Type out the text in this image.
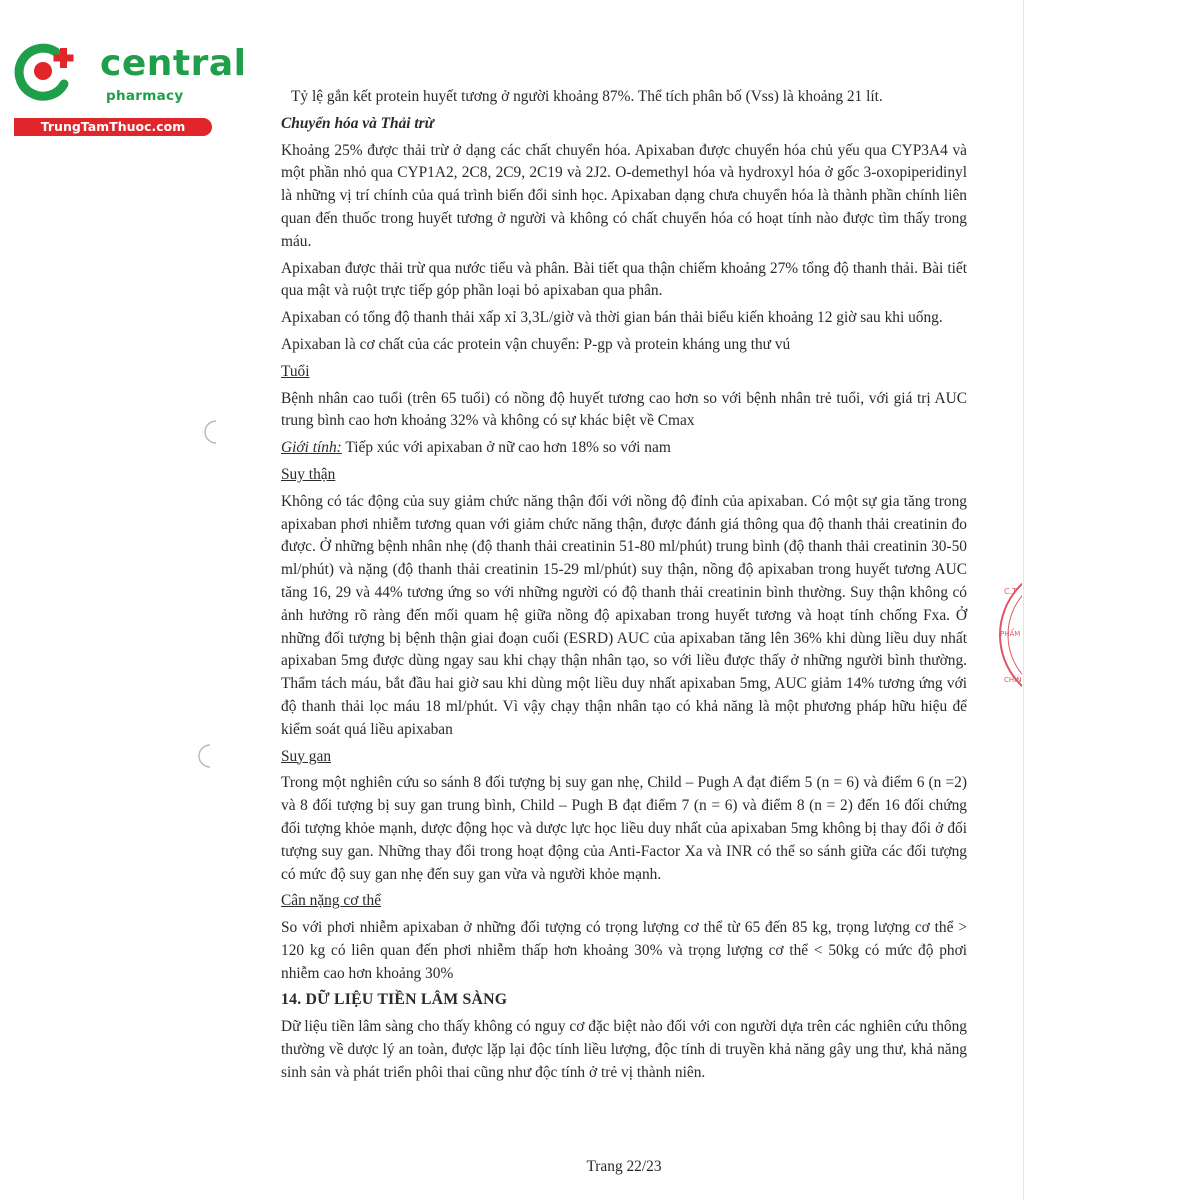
central
pharmacy
TrungTamThuoc.com

Tỷ lệ gắn kết protein huyết tương ở người khoảng 87%. Thể tích phân bố (Vss) là khoảng 21 lít.

Chuyển hóa và Thải trừ

Khoảng 25% được thải trừ ở dạng các chất chuyển hóa. Apixaban được chuyển hóa chủ yếu qua CYP3A4 và một phần nhỏ qua CYP1A2, 2C8, 2C9, 2C19 và 2J2. O-demethyl hóa và hydroxyl hóa ở gốc 3-oxopiperidinyl là những vị trí chính của quá trình biến đổi sinh học. Apixaban dạng chưa chuyển hóa là thành phần chính liên quan đến thuốc trong huyết tương ở người và không có chất chuyển hóa có hoạt tính nào được tìm thấy trong máu.

Apixaban được thải trừ qua nước tiểu và phân. Bài tiết qua thận chiếm khoảng 27% tổng độ thanh thải. Bài tiết qua mật và ruột trực tiếp góp phần loại bỏ apixaban qua phân.

Apixaban có tổng độ thanh thải xấp xỉ 3,3L/giờ và thời gian bán thải biểu kiến khoảng 12 giờ sau khi uống.

Apixaban là cơ chất của các protein vận chuyển: P-gp và protein kháng ung thư vú

Tuổi

Bệnh nhân cao tuổi (trên 65 tuổi) có nồng độ huyết tương cao hơn so với bệnh nhân trẻ tuổi, với giá trị AUC trung bình cao hơn khoảng 32% và không có sự khác biệt về Cmax

Giới tính: Tiếp xúc với apixaban ở nữ cao hơn 18% so với nam

Suy thận

Không có tác động của suy giảm chức năng thận đối với nồng độ đỉnh của apixaban. Có một sự gia tăng trong apixaban phơi nhiễm tương quan với giảm chức năng thận, được đánh giá thông qua độ thanh thải creatinin đo được. Ở những bệnh nhân nhẹ (độ thanh thải creatinin 51-80 ml/phút) trung bình (độ thanh thải creatinin 30-50 ml/phút) và nặng (độ thanh thải creatinin 15-29 ml/phút) suy thận, nồng độ apixaban trong huyết tương AUC tăng 16, 29 và 44% tương ứng so với những người có độ thanh thải creatinin bình thường. Suy thận không có ảnh hưởng rõ ràng đến mối quam hệ giữa nồng độ apixaban trong huyết tương và hoạt tính chống Fxa. Ở những đối tượng bị bệnh thận giai đoạn cuối (ESRD) AUC của apixaban tăng lên 36% khi dùng liều duy nhất apixaban 5mg được dùng ngay sau khi chạy thận nhân tạo, so với liều được thấy ở những người bình thường. Thẩm tách máu, bắt đầu hai giờ sau khi dùng một liều duy nhất apixaban 5mg, AUC giảm 14% tương ứng với độ thanh thải lọc máu 18 ml/phút. Vì vậy chạy thận nhân tạo có khả năng là một phương pháp hữu hiệu để kiểm soát quá liều apixaban

Suy gan

Trong một nghiên cứu so sánh 8 đối tượng bị suy gan nhẹ, Child – Pugh A đạt điểm 5 (n = 6) và điểm 6 (n =2) và 8 đối tượng bị suy gan trung bình, Child – Pugh B đạt điểm 7 (n = 6) và điểm 8 (n = 2) đến 16 đối chứng đối tượng khỏe mạnh, dược động học và dược lực học liều duy nhất của apixaban 5mg không bị thay đổi ở đối tượng suy gan. Những thay đổi trong hoạt động của Anti-Factor Xa và INR có thể so sánh giữa các đối tượng có mức độ suy gan nhẹ đến suy gan vừa và người khỏe mạnh.

Cân nặng cơ thể

So với phơi nhiễm apixaban ở những đối tượng có trọng lượng cơ thể từ 65 đến 85 kg, trọng lượng cơ thể > 120 kg có liên quan đến phơi nhiễm thấp hơn khoảng 30% và trọng lượng cơ thể < 50kg có mức độ phơi nhiễm cao hơn khoảng 30%

14. DỮ LIỆU TIỀN LÂM SÀNG

Dữ liệu tiền lâm sàng cho thấy không có nguy cơ đặc biệt nào đối với con người dựa trên các nghiên cứu thông thường về dược lý an toàn, được lặp lại độc tính liều lượng, độc tính di truyền khả năng gây ung thư, khả năng sinh sản và phát triển phôi thai cũng như độc tính ở trẻ vị thành niên.

Trang 22/23
C.T
PHẨM
CHÍN
